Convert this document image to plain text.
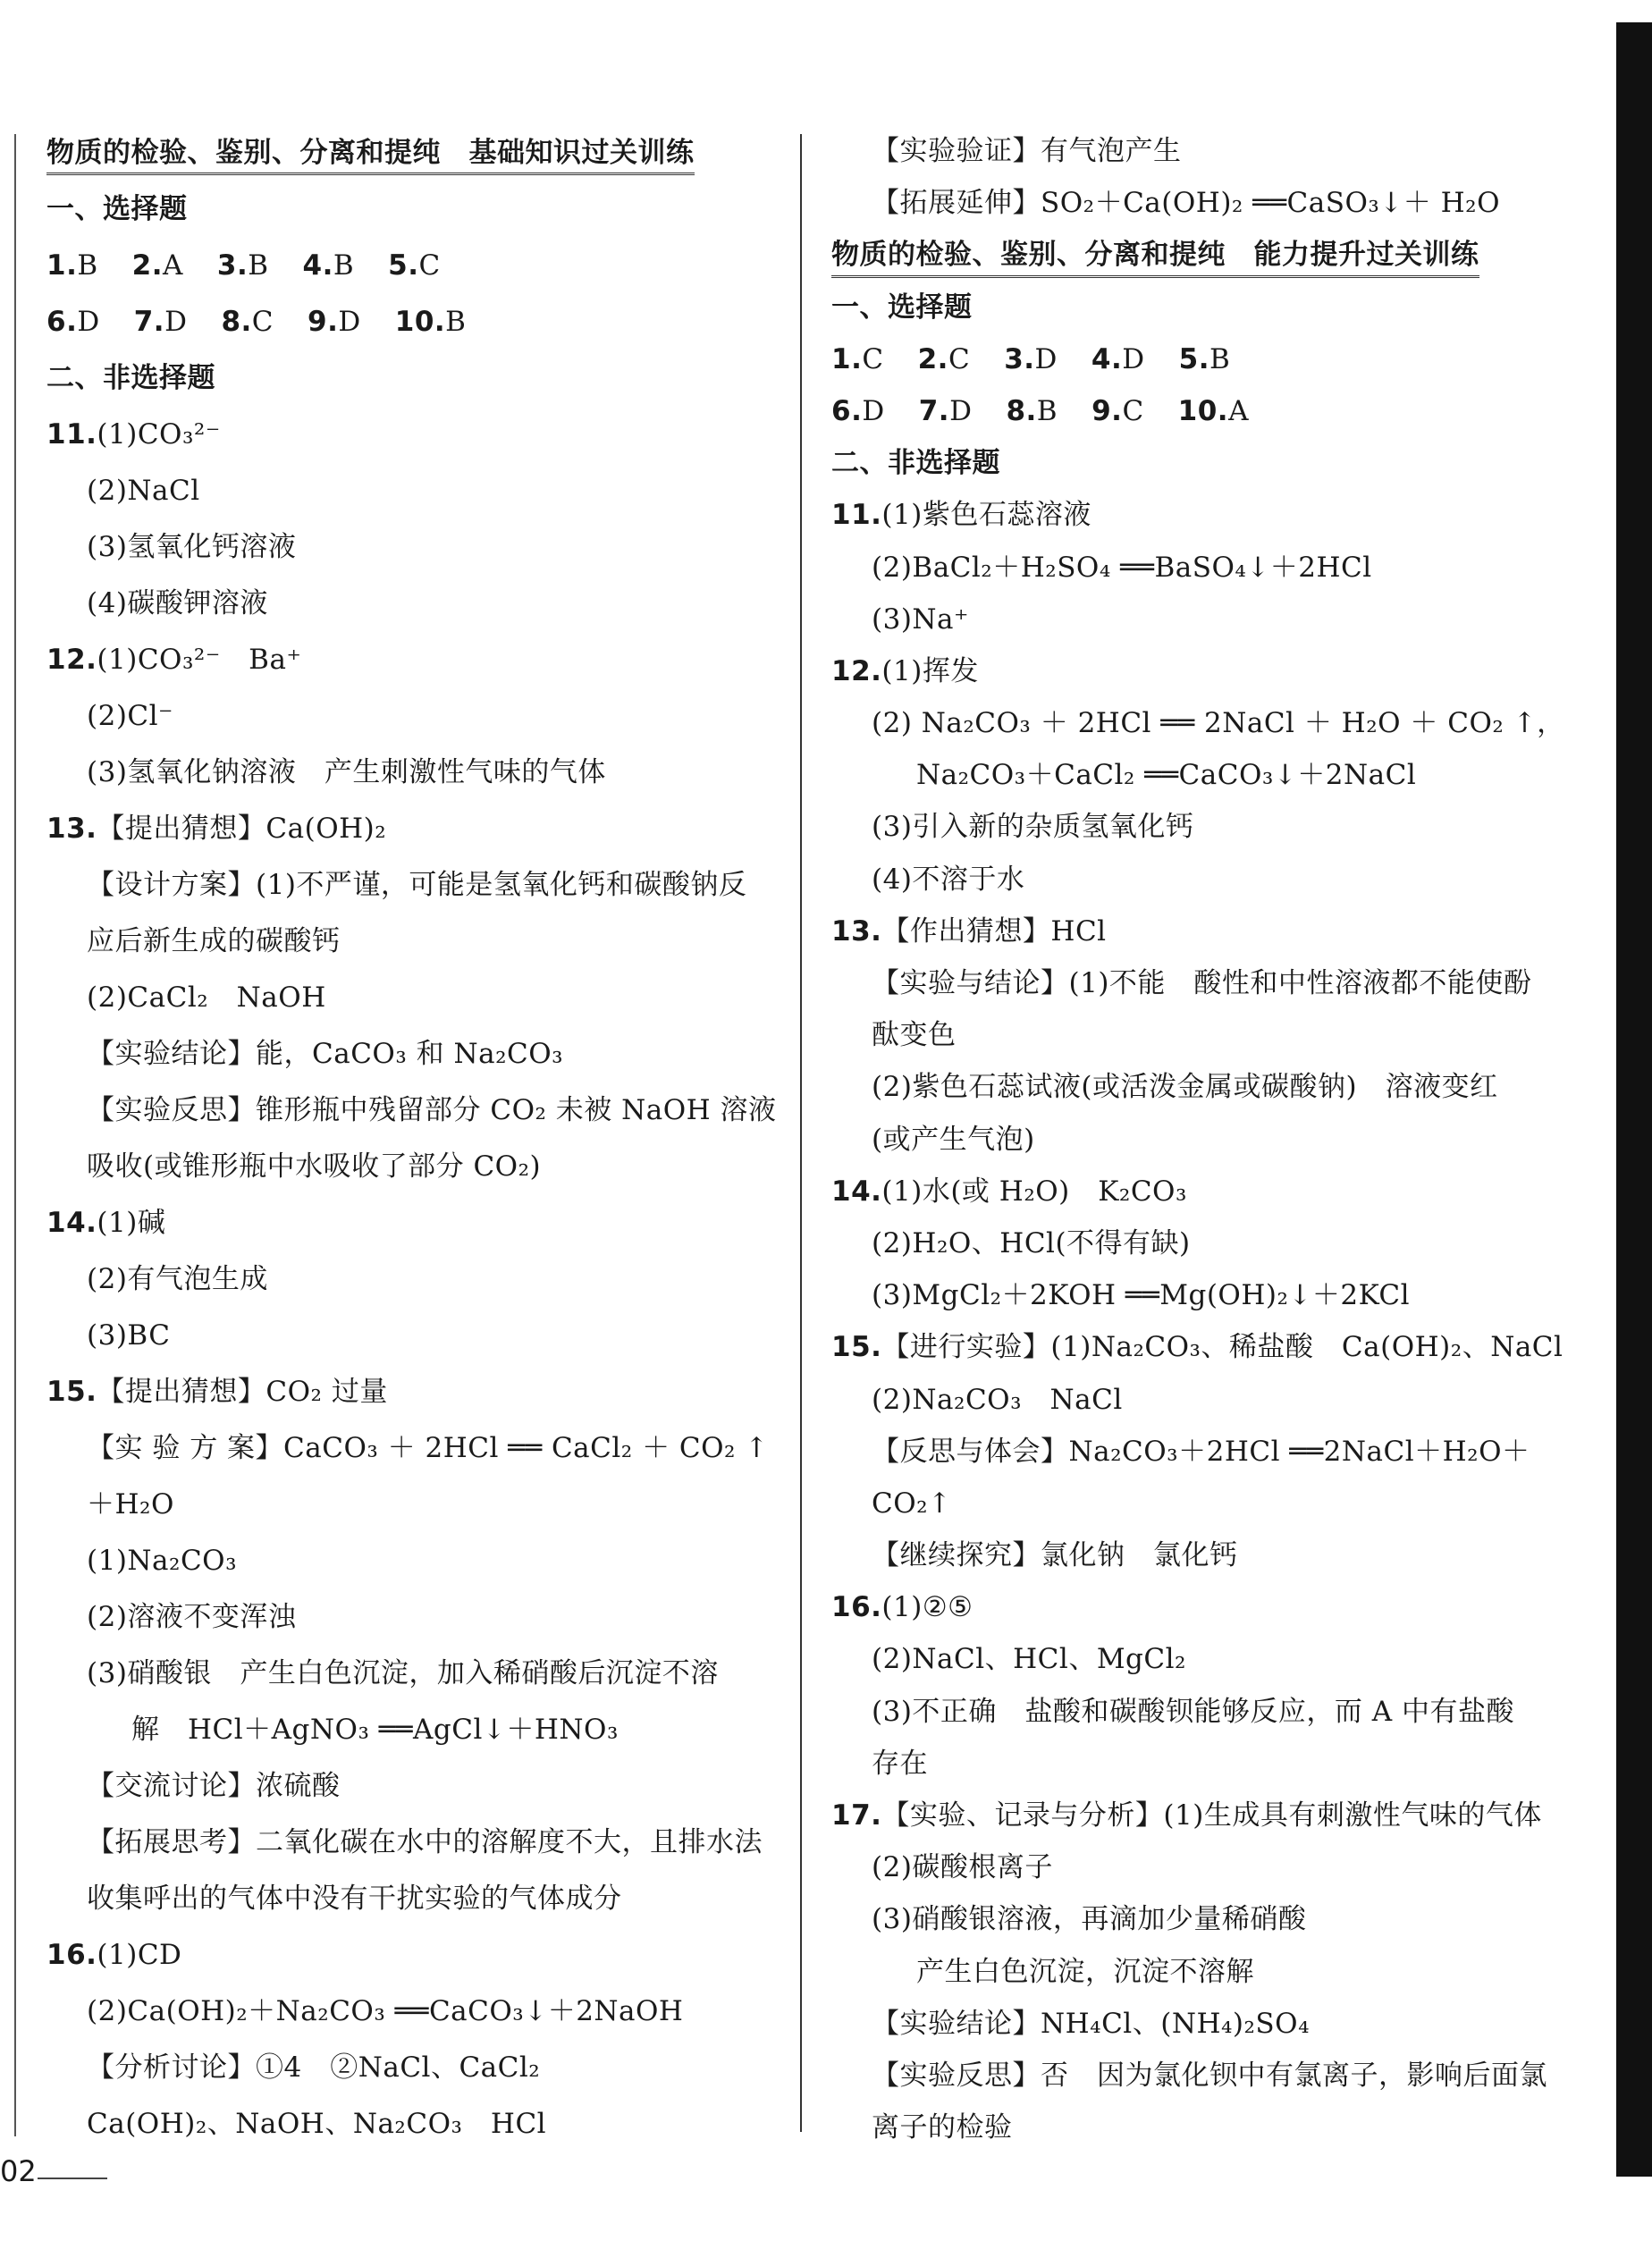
物质的检验、鉴别、分离和提纯　基础知识过关训练
一、选择题
1.B 2.A 3.B 4.B 5.C
6.D 7.D 8.C 9.D 10.B
二、非选择题
11.(1)CO₃²⁻
(2)NaCl
(3)氢氧化钙溶液
(4)碳酸钾溶液
12.(1)CO₃²⁻　Ba⁺
(2)Cl⁻
(3)氢氧化钠溶液　产生刺激性气味的气体
13.【提出猜想】Ca(OH)₂
【设计方案】(1)不严谨，可能是氢氧化钙和碳酸钠反
应后新生成的碳酸钙
(2)CaCl₂　NaOH
【实验结论】能，CaCO₃ 和 Na₂CO₃
【实验反思】锥形瓶中残留部分 CO₂ 未被 NaOH 溶液
吸收(或锥形瓶中水吸收了部分 CO₂)
14.(1)碱
(2)有气泡生成
(3)BC
15.【提出猜想】CO₂ 过量
【实 验 方 案】CaCO₃ ＋ 2HCl ══ CaCl₂ ＋ CO₂ ↑
＋H₂O
(1)Na₂CO₃
(2)溶液不变浑浊
(3)硝酸银　产生白色沉淀，加入稀硝酸后沉淀不溶
解　HCl＋AgNO₃ ══AgCl↓＋HNO₃
【交流讨论】浓硫酸
【拓展思考】二氧化碳在水中的溶解度不大，且排水法
收集呼出的气体中没有干扰实验的气体成分
16.(1)CD
(2)Ca(OH)₂＋Na₂CO₃ ══CaCO₃↓＋2NaOH
【分析讨论】①4　②NaCl、CaCl₂
Ca(OH)₂、NaOH、Na₂CO₃　HCl
【实验验证】有气泡产生
【拓展延伸】SO₂＋Ca(OH)₂ ══CaSO₃↓＋ H₂O
物质的检验、鉴别、分离和提纯　能力提升过关训练
一、选择题
1.C 2.C 3.D 4.D 5.B
6.D 7.D 8.B 9.C 10.A
二、非选择题
11.(1)紫色石蕊溶液
(2)BaCl₂＋H₂SO₄ ══BaSO₄↓＋2HCl
(3)Na⁺
12.(1)挥发
(2) Na₂CO₃ ＋ 2HCl ══ 2NaCl ＋ H₂O ＋ CO₂ ↑，
Na₂CO₃＋CaCl₂ ══CaCO₃↓＋2NaCl
(3)引入新的杂质氢氧化钙
(4)不溶于水
13.【作出猜想】HCl
【实验与结论】(1)不能　酸性和中性溶液都不能使酚
酞变色
(2)紫色石蕊试液(或活泼金属或碳酸钠)　溶液变红
(或产生气泡)
14.(1)水(或 H₂O)　K₂CO₃
(2)H₂O、HCl(不得有缺)
(3)MgCl₂＋2KOH ══Mg(OH)₂↓＋2KCl
15.【进行实验】(1)Na₂CO₃、稀盐酸　Ca(OH)₂、NaCl
(2)Na₂CO₃　NaCl
【反思与体会】Na₂CO₃＋2HCl ══2NaCl＋H₂O＋
CO₂↑
【继续探究】氯化钠　氯化钙
16.(1)②⑤
(2)NaCl、HCl、MgCl₂
(3)不正确　盐酸和碳酸钡能够反应，而 A 中有盐酸
存在
17.【实验、记录与分析】(1)生成具有刺激性气味的气体
(2)碳酸根离子
(3)硝酸银溶液，再滴加少量稀硝酸
产生白色沉淀，沉淀不溶解
【实验结论】NH₄Cl、(NH₄)₂SO₄
【实验反思】否　因为氯化钡中有氯离子，影响后面氯
离子的检验
02
